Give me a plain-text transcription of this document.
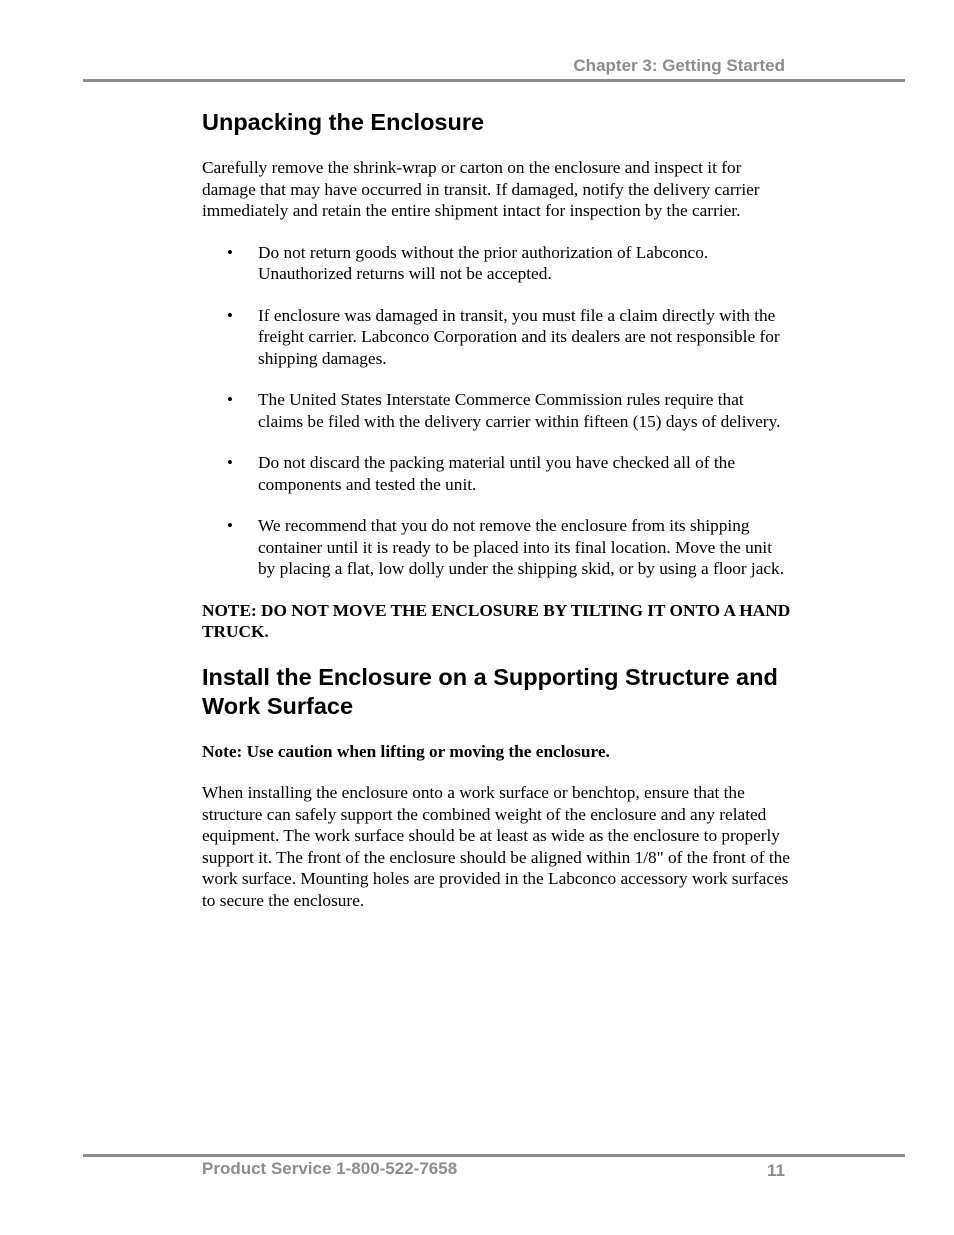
Chapter 3: Getting Started
Unpacking the Enclosure

Carefully remove the shrink-wrap or carton on the enclosure and inspect it for damage that may have occurred in transit. If damaged, notify the delivery carrier immediately and retain the entire shipment intact for inspection by the carrier.

• Do not return goods without the prior authorization of Labconco. Unauthorized returns will not be accepted.
• If enclosure was damaged in transit, you must file a claim directly with the freight carrier. Labconco Corporation and its dealers are not responsible for shipping damages.
• The United States Interstate Commerce Commission rules require that claims be filed with the delivery carrier within fifteen (15) days of delivery.
• Do not discard the packing material until you have checked all of the components and tested the unit.
• We recommend that you do not remove the enclosure from its shipping container until it is ready to be placed into its final location. Move the unit by placing a flat, low dolly under the shipping skid, or by using a floor jack.

NOTE: DO NOT MOVE THE ENCLOSURE BY TILTING IT ONTO A HAND TRUCK.

Install the Enclosure on a Supporting Structure and Work Surface

Note: Use caution when lifting or moving the enclosure.

When installing the enclosure onto a work surface or benchtop, ensure that the structure can safely support the combined weight of the enclosure and any related equipment. The work surface should be at least as wide as the enclosure to properly support it. The front of the enclosure should be aligned within 1/8" of the front of the work surface. Mounting holes are provided in the Labconco accessory work surfaces to secure the enclosure.

Product Service 1-800-522-7658	11
